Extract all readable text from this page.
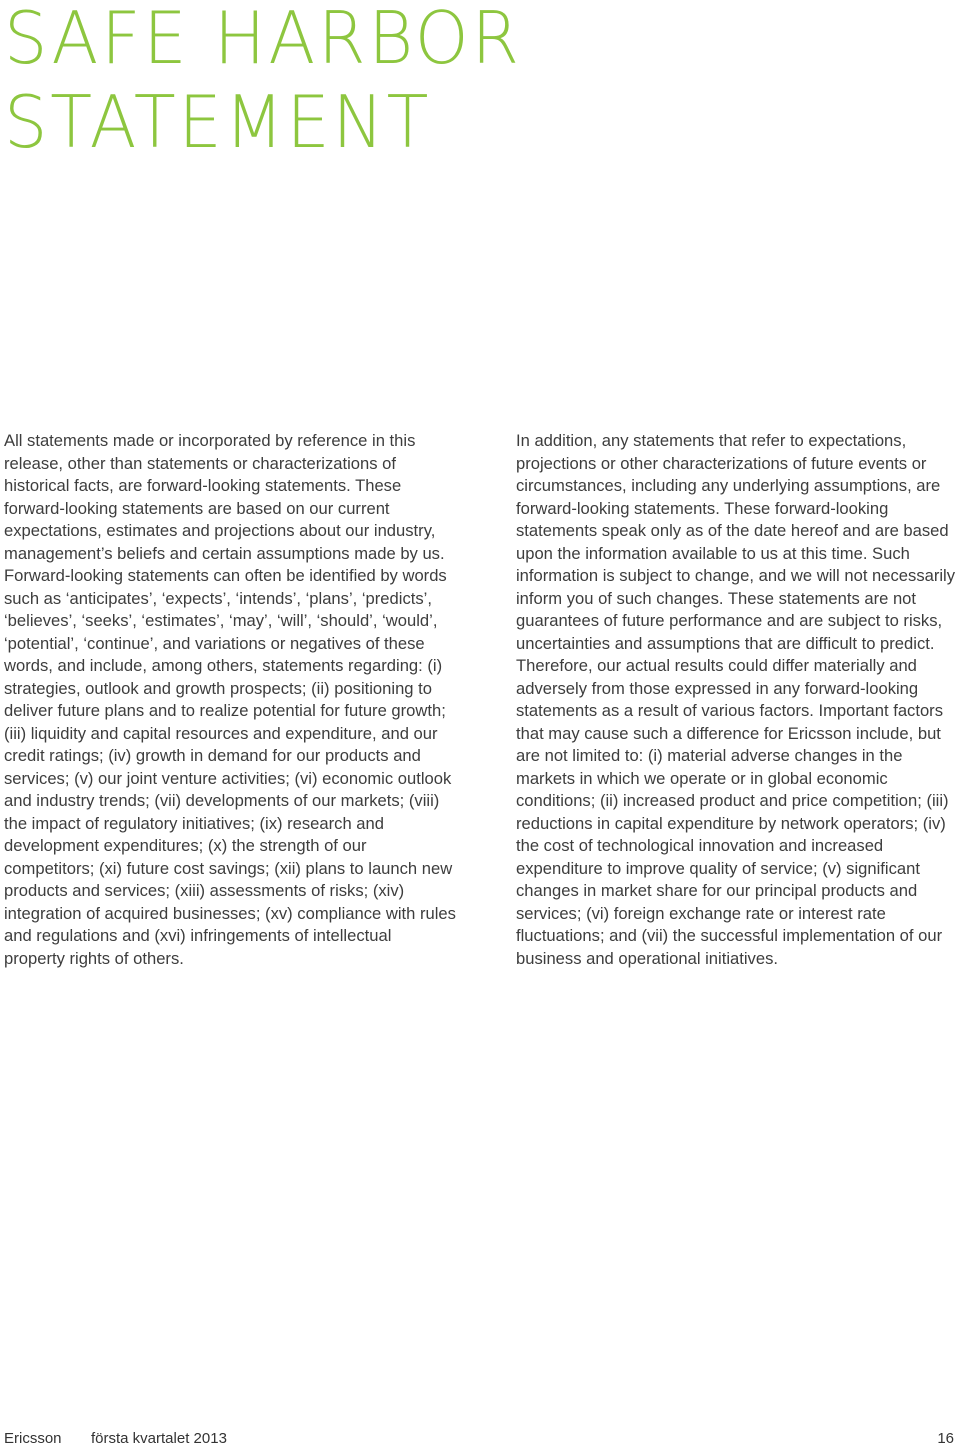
SAFE HARBOR
STATEMENT

All statements made or incorporated by reference in this release, other than statements or characterizations of historical facts, are forward-looking statements. These forward-looking statements are based on our current expectations, estimates and projections about our industry, management’s beliefs and certain assumptions made by us. Forward-looking statements can often be identified by words such as ‘anticipates’, ‘expects’, ‘intends’, ‘plans’, ‘predicts’, ‘believes’, ‘seeks’, ‘estimates’, ‘may’, ‘will’, ‘should’, ‘would’, ‘potential’, ‘continue’, and variations or negatives of these words, and include, among others, statements regarding: (i) strategies, outlook and growth prospects; (ii) positioning to deliver future plans and to realize potential for future growth; (iii) liquidity and capital resources and expenditure, and our credit ratings; (iv) growth in demand for our products and services; (v) our joint venture activities; (vi) economic outlook and industry trends; (vii) developments of our markets; (viii) the impact of regulatory initiatives; (ix) research and development expenditures; (x) the strength of our competitors; (xi) future cost savings; (xii) plans to launch new products and services; (xiii) assessments of risks; (xiv) integration of acquired businesses; (xv) compliance with rules and regulations and (xvi) infringements of intellectual property rights of others.

In addition, any statements that refer to expectations, projections or other characterizations of future events or circumstances, including any underlying assumptions, are forward-looking statements. These forward-looking statements speak only as of the date hereof and are based upon the information available to us at this time. Such information is subject to change, and we will not necessarily inform you of such changes. These statements are not guarantees of future performance and are subject to risks, uncertainties and assumptions that are difficult to predict. Therefore, our actual results could differ materially and adversely from those expressed in any forward-looking statements as a result of various factors. Important factors that may cause such a difference for Ericsson include, but are not limited to: (i) material adverse changes in the markets in which we operate or in global economic conditions; (ii) increased product and price competition; (iii) reductions in capital expenditure by network operators; (iv) the cost of technological innovation and increased expenditure to improve quality of service; (v) significant changes in market share for our principal products and services; (vi) foreign exchange rate or interest rate fluctuations; and (vii) the successful implementation of our business and operational initiatives.

Ericsson första kvartalet 2013	16
